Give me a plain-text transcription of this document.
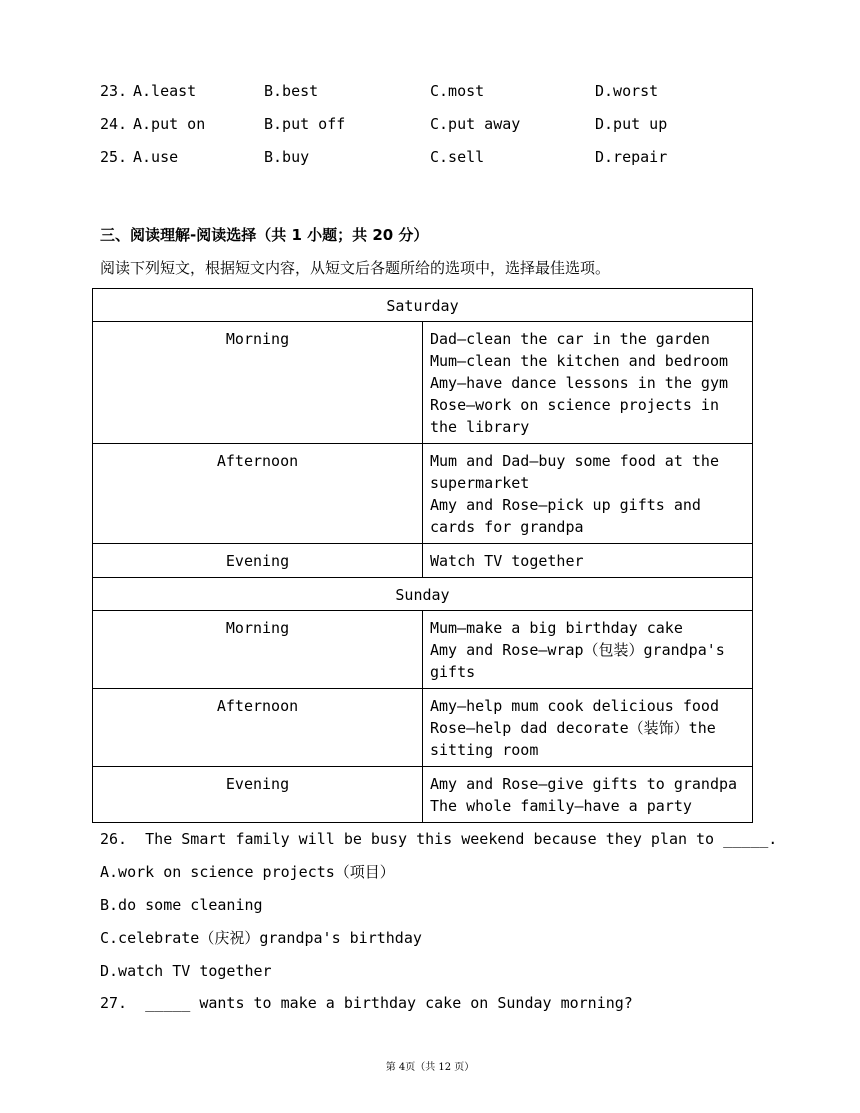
23.

A.least

	B.best

	C.most

	D.worst

24.

A.put on

	B.put off

	C.put away

	D.put up

25.

A.use

	B.buy

	C.sell

	D.repair

三、阅读理解-阅读选择（共 1 小题；共 20 分）
阅读下列短文，根据短文内容，从短文后各题所给的选项中，选择最佳选项。
Saturday	
Morning	Dad—clean the car in the garden
Mum—clean the kitchen and bedroom
Amy—have dance lessons in the gym
Rose—work on science projects in the library

Afternoon	Mum and Dad—buy some food at the supermarket
Amy and Rose—pick up gifts and cards for grandpa

Evening	Watch TV together

Sunday	
Morning	Mum—make a big birthday cake
Amy and Rose—wrap（包装）grandpa's gifts

Afternoon	Amy—help mum cook delicious food
Rose—help dad decorate（装饰）the sitting room

Evening	Amy and Rose—give gifts to grandpa
The whole family—have a party
26.  The Smart family will be busy this weekend because they plan to _____.
A.work on science projects（项目）
B.do some cleaning
C.celebrate（庆祝）grandpa's birthday
D.watch TV together
27.  _____ wants to make a birthday cake on Sunday morning?
第 4页（共 12 页）
